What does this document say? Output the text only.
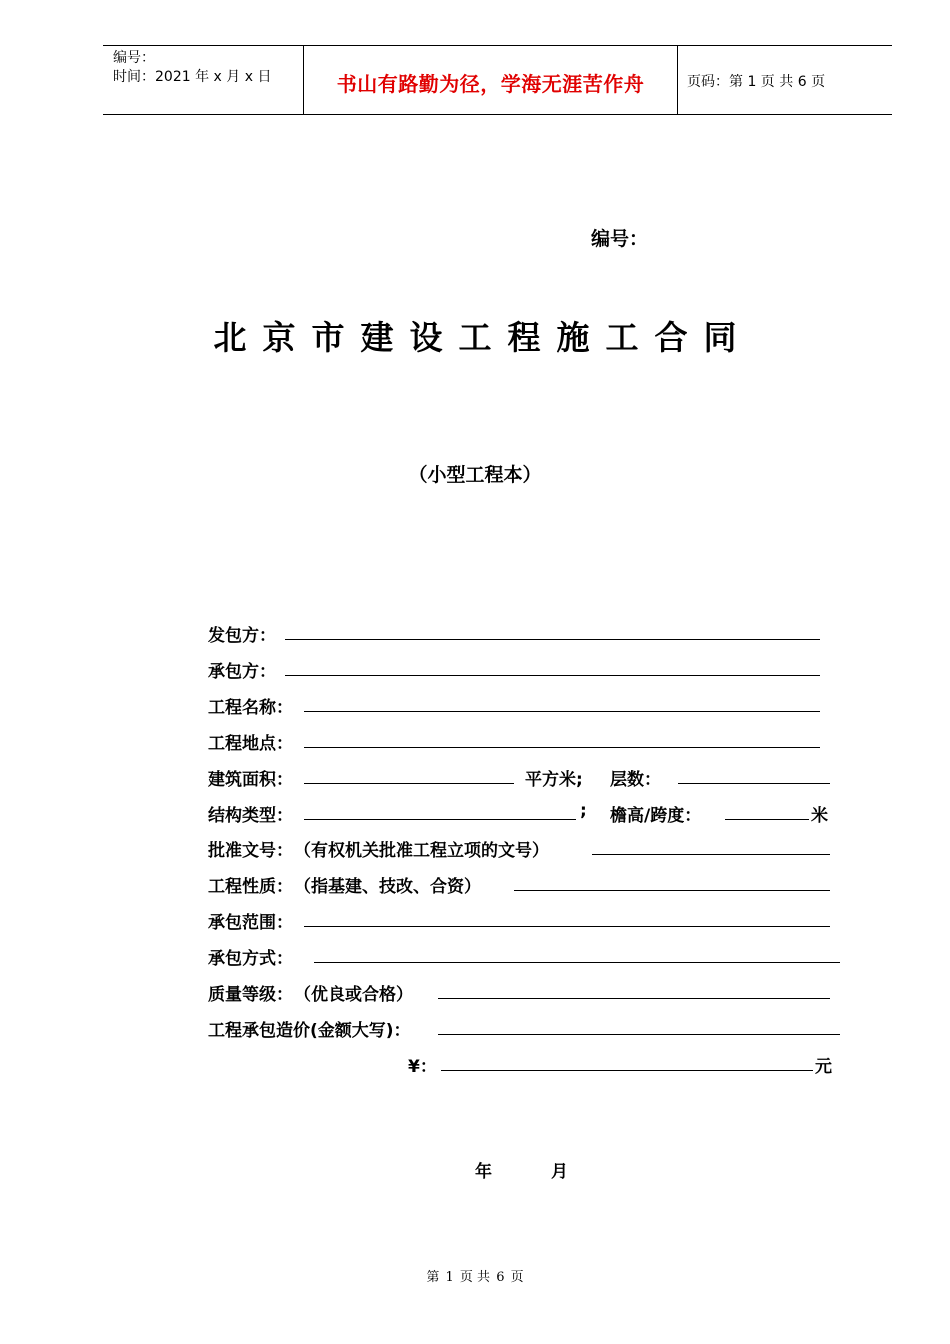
编号：
时间：2021 年 x 月 x 日	书山有路勤为径，学海无涯苦作舟	页码：第 1 页 共 6 页
编号：
北京市建设工程施工合同
（小型工程本）
发包方：
承包方：
工程名称：
工程地点：
建筑面积：	平方米; 层数：
结构类型：	; 檐高/跨度：	米
批准文号： （有权机关批准工程立项的文号）
工程性质： （指基建、技改、合资）
承包范围：
承包方式：
质量等级： （优良或合格）
工程承包造价(金额大写)：
¥：	元
年	月
第 1 页 共 6 页
